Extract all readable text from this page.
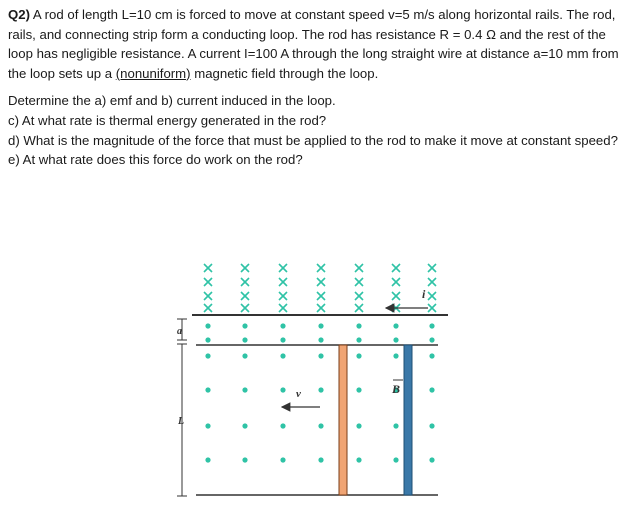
Q2) A rod of length L=10 cm is forced to move at constant speed v=5 m/s along horizontal rails. The rod, rails, and connecting strip form a conducting loop. The rod has resistance R = 0.4 Ω and the rest of the loop has negligible resistance. A current I=100 A through the long straight wire at distance a=10 mm from the loop sets up a (nonuniform) magnetic field through the loop.

Determine the a) emf and b) current induced in the loop.

c) At what rate is thermal energy generated in the rod?

d) What is the magnitude of the force that must be applied to the rod to make it move at constant speed?

e) At what rate does this force do work on the rod?

i
a
L
v	B
